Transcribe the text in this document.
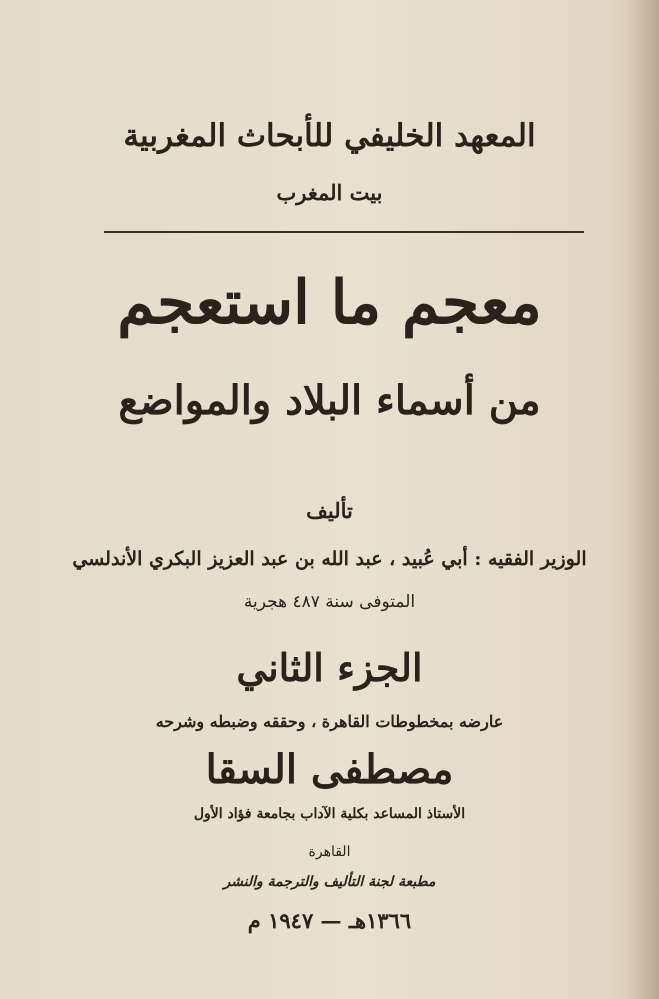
المعهد الخليفي للأبحاث المغربية
بيت المغرب
معجم ما استعجم
من أسماء البلاد والمواضع
تأليف
الوزير الفقيه : أبي عُبيد ، عبد الله بن عبد العزيز البكري الأندلسي
المتوفى سنة ٤٨٧ هجرية
الجزء الثاني
عارضه بمخطوطات القاهرة ، وحققه وضبطه وشرحه
مصطفى السقا
الأستاذ المساعد بكلية الآداب بجامعة فؤاد الأول
القاهرة
مطبعة لجنة التأليف والترجمة والنشر
١٣٦٦هـ — ١٩٤٧ م
